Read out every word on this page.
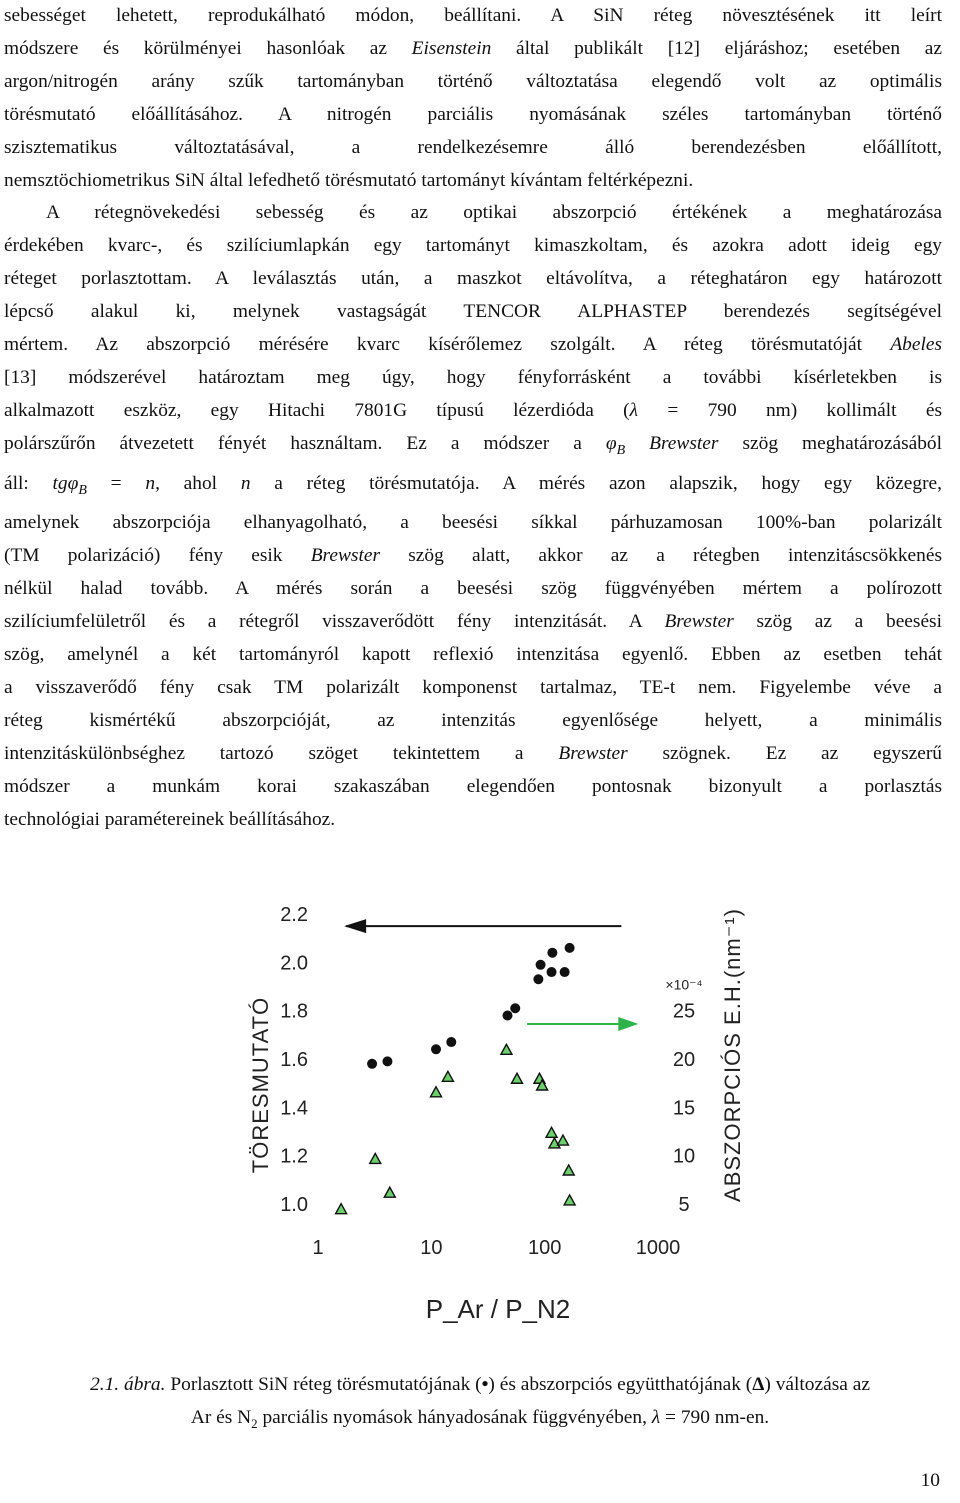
sebességet lehetett, reprodukálható módon, beállítani. A SiN réteg növesztésének itt leírt
módszere és körülményei hasonlóak az Eisenstein által publikált [12] eljáráshoz; esetében az
argon/nitrogén arány szűk tartományban történő változtatása elegendő volt az optimális
törésmutató előállításához. A nitrogén parciális nyomásának széles tartományban történő
szisztematikus változtatásával, a rendelkezésemre álló berendezésben előállított,
nemsztöchiometrikus SiN által lefedhető törésmutató tartományt kívántam feltérképezni.

A rétegnövekedési sebesség és az optikai abszorpció értékének a meghatározása
érdekében kvarc-, és szilíciumlapkán egy tartományt kimaszkoltam, és azokra adott ideig egy
réteget porlasztottam. A leválasztás után, a maszkot eltávolítva, a réteghatáron egy határozott
lépcső alakul ki, melynek vastagságát TENCOR ALPHASTEP berendezés segítségével
mértem. Az abszorpció mérésére kvarc kísérőlemez szolgált. A réteg törésmutatóját Abeles
[13] módszerével határoztam meg úgy, hogy fényforrásként a további kísérletekben is
alkalmazott eszköz, egy Hitachi 7801G típusú lézerdióda (λ = 790 nm) kollimált és
polárszűrőn átvezetett fényét használtam. Ez a módszer a $\varphi_B$ Brewster szög meghatározásából
áll: tgφ$_B$ = n, ahol n a réteg törésmutatója. A mérés azon alapszik, hogy egy közegre,
amelynek abszorpciója elhanyagolható, a beesési síkkal párhuzamosan 100%-ban polarizált
(TM polarizáció) fény esik Brewster szög alatt, akkor az a rétegben intenzitáscsökkenés
nélkül halad tovább. A mérés során a beesési szög függvényében mértem a polírozott
szilíciumfelületről és a rétegről visszaverődött fény intenzitását. A Brewster szög az a beesési
szög, amelynél a két tartományról kapott reflexió intenzitása egyenlő. Ebben az esetben tehát
a visszaverődő fény csak TM polarizált komponenst tartalmaz, TE-t nem. Figyelembe véve a
réteg kismértékű abszorpcióját, az intenzitás egyenlősége helyett, a minimális
intenzitáskülönbséghez tartozó szöget tekintettem a Brewster szögnek. Ez az egyszerű
módszer a munkám korai szakaszában elegendően pontosnak bizonyult a porlasztás
technológiai paramétereinek beállításához.

1.0
1.2
1.4
1.6
1.8
2.0
2.2
5
10
15
20
25
×10⁻⁴
1	10	100	1000
P_Ar / P_N2
TÖRESMUTATÓ	ABSZORPCIÓS E.H.(nm⁻¹)
2.1. ábra. Porlasztott SiN réteg törésmutatójának (•) és abszorpciós együtthatójának (Δ) változása az
Ar és $N_2$ parciális nyomások hányadosának függvényében, λ = 790 nm-en.
10
